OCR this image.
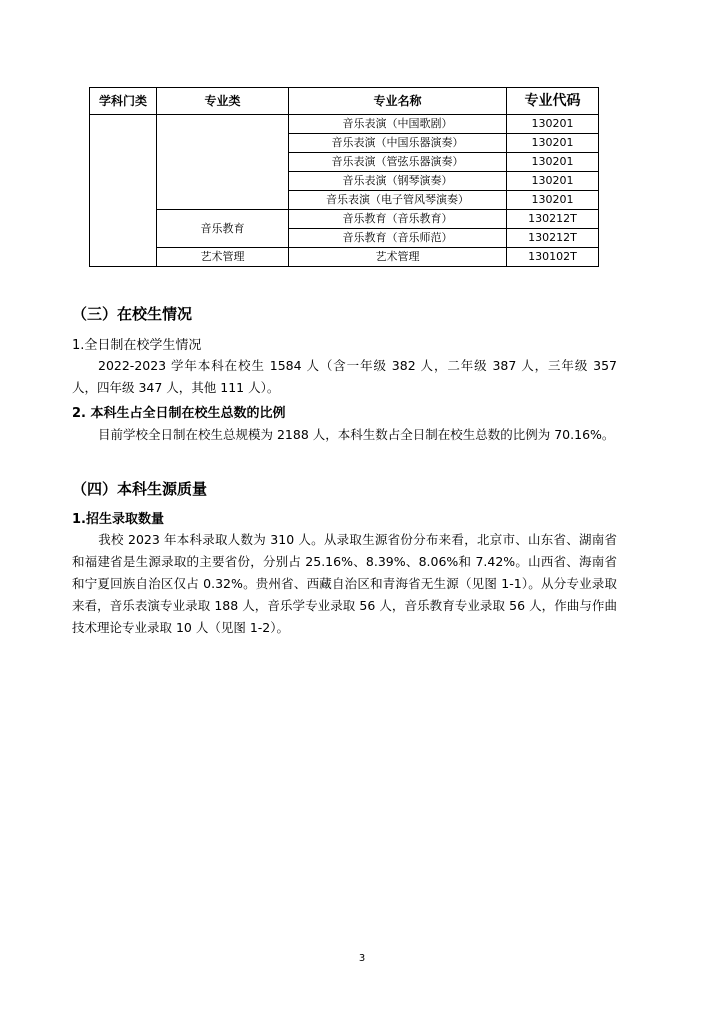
学科门类	专业类	专业名称	专业代码
		音乐表演（中国歌剧）	130201
		音乐表演（中国乐器演奏）	130201
		音乐表演（管弦乐器演奏）	130201
		音乐表演（钢琴演奏）	130201
		音乐表演（电子管风琴演奏）	130201
	音乐教育	音乐教育（音乐教育）	130212T
		音乐教育（音乐师范）	130212T
	艺术管理	艺术管理	130102T
（三）在校生情况
1.全日制在校学生情况
2022-2023 学年本科在校生 1584 人（含一年级 382 人，二年级 387 人，三年级 357 人，四年级 347 人，其他 111 人）。
2. 本科生占全日制在校生总数的比例
目前学校全日制在校生总规模为 2188 人，本科生数占全日制在校生总数的比例为 70.16%。
（四）本科生源质量
1.招生录取数量
我校 2023 年本科录取人数为 310 人。从录取生源省份分布来看，北京市、山东省、湖南省和福建省是生源录取的主要省份，分别占 25.16%、8.39%、8.06%和 7.42%。山西省、海南省和宁夏回族自治区仅占 0.32%。贵州省、西藏自治区和青海省无生源（见图 1-1）。从分专业录取来看，音乐表演专业录取 188 人，音乐学专业录取 56 人，音乐教育专业录取 56 人，作曲与作曲技术理论专业录取 10 人（见图 1-2）。
3
